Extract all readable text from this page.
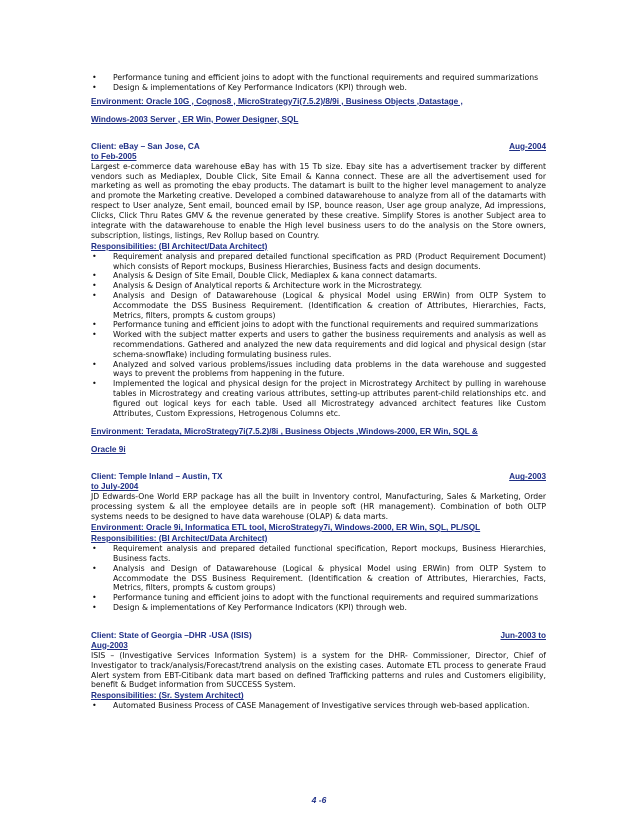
• Performance tuning and efficient joins to adopt with the functional requirements and required summarizations
• Design & implementations of Key Performance Indicators (KPI) through web.
Environment: Oracle 10G , Cognos8 , MicroStrategy7i(7.5.2)/8/9i , Business Objects ,Datastage ,
Windows-2003 Server , ER Win, Power Designer, SQL
Client: eBay – San Jose, CA	Aug-2004
to Feb-2005
Largest e-commerce data warehouse eBay has with 15 Tb size. Ebay site has a advertisement tracker by different vendors such as Mediaplex, Double Click, Site Email & Kanna connect. These are all the advertisement used for marketing as well as promoting the ebay products. The datamart is built to the higher level management to analyze and promote the Marketing creative. Developed a combined datawarehouse to analyze from all of the datamarts with respect to User analyze, Sent email, bounced email by ISP, bounce reason, User age group analyze, Ad impressions, Clicks, Click Thru Rates GMV & the revenue generated by these creative. Simplify Stores is another Subject area to integrate with the datawarehouse to enable the High level business users to do the analysis on the Store owners, subscription, listings, listings, Rev Rollup based on Country.
Responsibilities: (BI Architect/Data Architect)
• Requirement analysis and prepared detailed functional specification as PRD (Product Requirement Document) which consists of Report mockups, Business Hierarchies, Business facts and design documents.
• Analysis & Design of Site Email, Double Click, Mediaplex & kana connect datamarts.
• Analysis & Design of Analytical reports & Architecture work in the Microstrategy.
• Analysis and Design of Datawarehouse (Logical & physical Model using ERWin) from OLTP System to Accommodate the DSS Business Requirement. (Identification & creation of Attributes, Hierarchies, Facts, Metrics, filters, prompts & custom groups)
• Performance tuning and efficient joins to adopt with the functional requirements and required summarizations
• Worked with the subject matter experts and users to gather the business requirements and analysis as well as recommendations. Gathered and analyzed the new data requirements and did logical and physical design (star schema-snowflake) including formulating business rules.
• Analyzed and solved various problems/issues including data problems in the data warehouse and suggested ways to prevent the problems from happening in the future.
• Implemented the logical and physical design for the project in Microstrategy Architect by pulling in warehouse tables in Microstrategy and creating various attributes, setting-up attributes parent-child relationships etc. and figured out logical keys for each table. Used all Microstrategy advanced architect features like Custom Attributes, Custom Expressions, Hetrogenous Columns etc.
Environment: Teradata, MicroStrategy7i(7.5.2)/8i , Business Objects ,Windows-2000, ER Win, SQL &
Oracle 9i
Client: Temple Inland – Austin, TX	Aug-2003
to July-2004
JD Edwards-One World ERP package has all the built in Inventory control, Manufacturing, Sales & Marketing, Order processing system & all the employee details are in people soft (HR management). Combination of both OLTP systems needs to be designed to have data warehouse (OLAP) & data marts.
Environment: Oracle 9i, Informatica ETL tool, MicroStrategy7i, Windows-2000, ER Win, SQL, PL/SQL
Responsibilities: (BI Architect/Data Architect)
• Requirement analysis and prepared detailed functional specification, Report mockups, Business Hierarchies, Business facts.
• Analysis and Design of Datawarehouse (Logical & physical Model using ERWin) from OLTP System to Accommodate the DSS Business Requirement. (Identification & creation of Attributes, Hierarchies, Facts, Metrics, filters, prompts & custom groups)
• Performance tuning and efficient joins to adopt with the functional requirements and required summarizations
• Design & implementations of Key Performance Indicators (KPI) through web.
Client: State of Georgia –DHR -USA (ISIS)	Jun-2003 to
Aug-2003
ISIS – (Investigative Services Information System) is a system for the DHR- Commissioner, Director, Chief of Investigator to track/analysis/Forecast/trend analysis on the existing cases. Automate ETL process to generate Fraud Alert system from EBT-Citibank data mart based on defined Trafficking patterns and rules and Customers eligibility, benefit & Budget information from SUCCESS System.
Responsibilities: (Sr. System Architect)
• Automated Business Process of CASE Management of Investigative services through web-based application.
4 -6
